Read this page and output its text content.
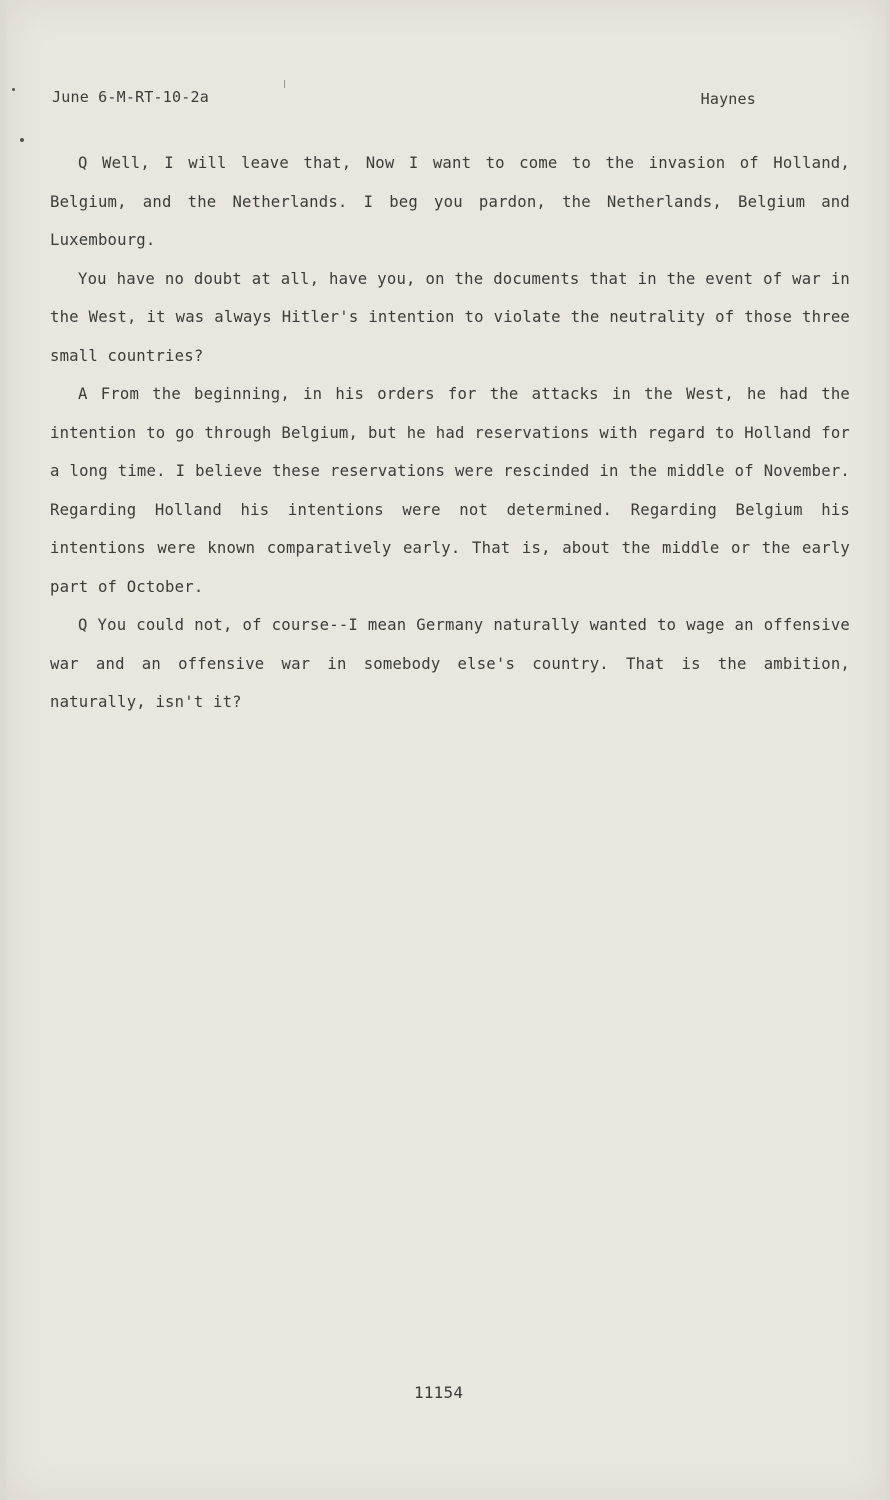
June 6-M-RT-10-2a	Haynes

Q Well, I will leave that, Now I want to come to the invasion of Holland, Belgium, and the Netherlands. I beg you pardon, the Netherlands, Belgium and Luxembourg.

You have no doubt at all, have you, on the documents that in the event of war in the West, it was always Hitler's intention to violate the neutrality of those three small countries?

A From the beginning, in his orders for the attacks in the West, he had the intention to go through Belgium, but he had reservations with regard to Holland for a long time. I believe these reservations were rescinded in the middle of November. Regarding Holland his intentions were not determined. Regarding Belgium his intentions were known comparatively early. That is, about the middle or the early part of October.

Q You could not, of course--I mean Germany naturally wanted to wage an offensive war and an offensive war in somebody else's country. That is the ambition, naturally, isn't it?

11154
